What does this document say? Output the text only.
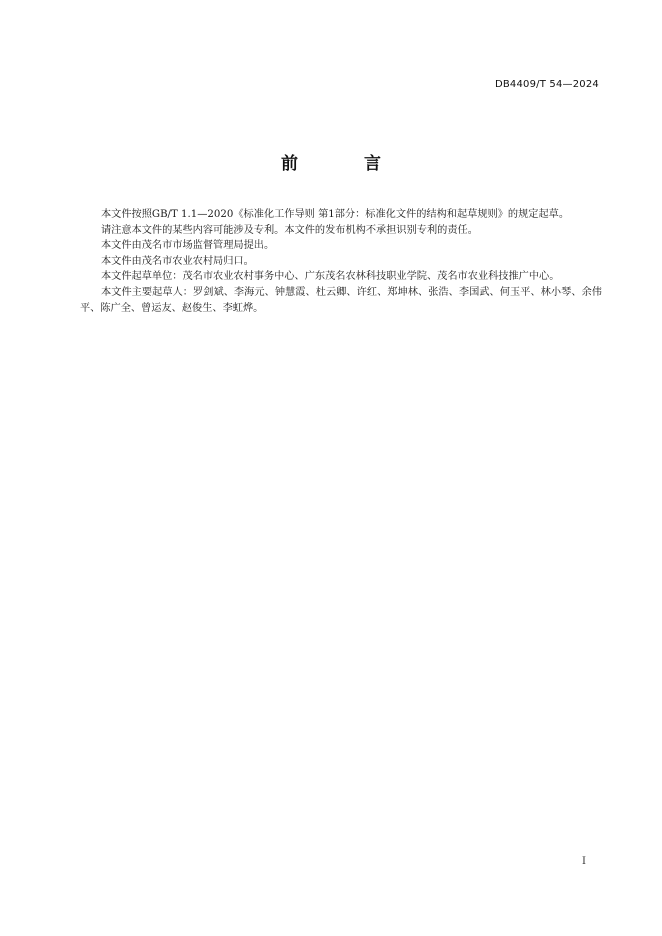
DB4409/T 54—2024
前 言

本文件按照GB/T 1.1—2020《标准化工作导则 第1部分：标准化文件的结构和起草规则》的规定起草。

请注意本文件的某些内容可能涉及专利。本文件的发布机构不承担识别专利的责任。

本文件由茂名市市场监督管理局提出。

本文件由茂名市农业农村局归口。

本文件起草单位：茂名市农业农村事务中心、广东茂名农林科技职业学院、茂名市农业科技推广中心。

本文件主要起草人：罗剑斌、李海元、钟慧霞、杜云卿、许红、郑坤林、张浩、李国武、何玉平、林小琴、余伟平、陈广全、曾运友、赵俊生、李虹烨。

I
